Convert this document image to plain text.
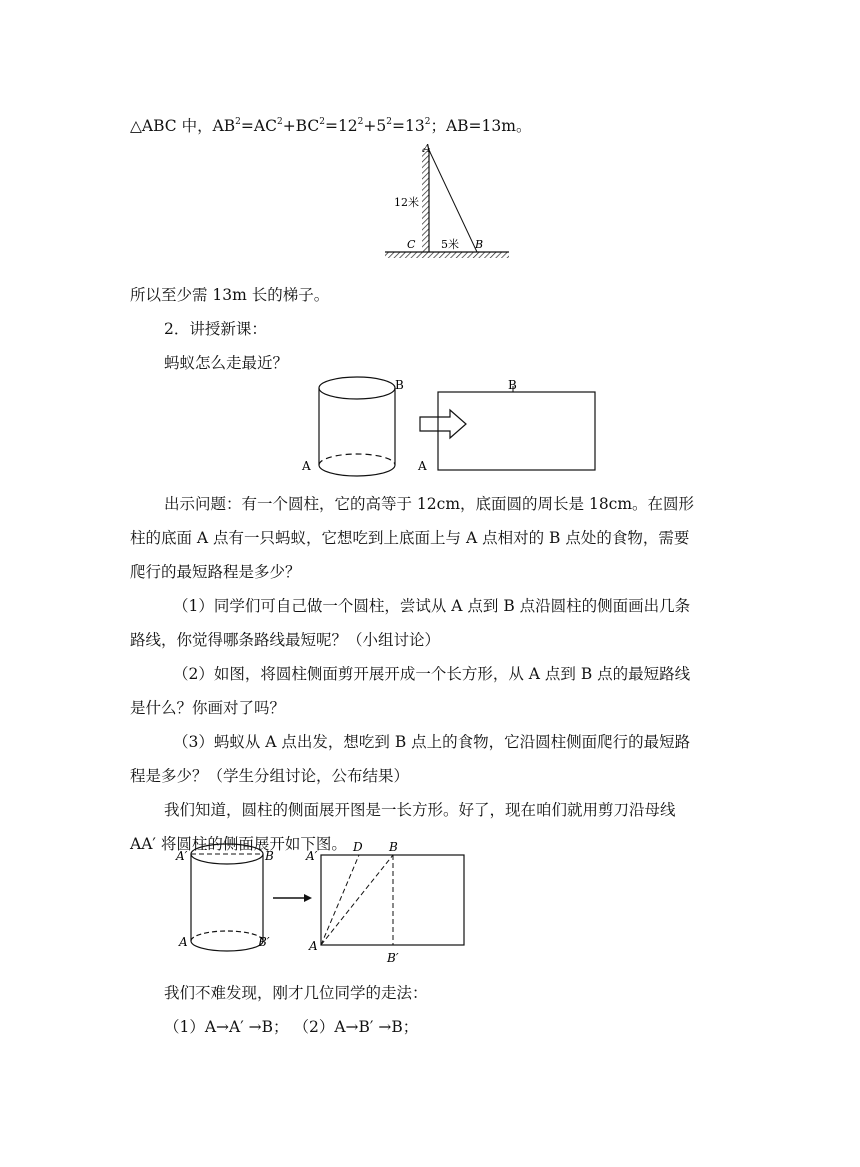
△ABC 中，$AB^2=AC^2+BC^2=12^2+5^2=13^2$；AB=13m。
A
C	B
12米
5米
所以至少需 13m 长的梯子。
2．讲授新课：
蚂蚁怎么走最近？
B
A
B
A
出示问题：有一个圆柱，它的高等于 12cm，底面圆的周长是 18cm。在圆形
柱的底面 A 点有一只蚂蚁，它想吃到上底面上与 A 点相对的 B 点处的食物，需要
爬行的最短路程是多少？
（1）同学们可自己做一个圆柱，尝试从 A 点到 B 点沿圆柱的侧面画出几条
路线，你觉得哪条路线最短呢？（小组讨论）
（2）如图，将圆柱侧面剪开展开成一个长方形，从 A 点到 B 点的最短路线
是什么？你画对了吗？
（3）蚂蚁从 A 点出发，想吃到 B 点上的食物，它沿圆柱侧面爬行的最短路
程是多少？（学生分组讨论，公布结果）
我们知道，圆柱的侧面展开图是一长方形。好了，现在咱们就用剪刀沿母线
AA′ 将圆柱的侧面展开如下图。
A′	B
A	B′
A′
D B
A
B′
我们不难发现，刚才几位同学的走法：
（1）A→A′ →B； （2）A→B′ →B；
